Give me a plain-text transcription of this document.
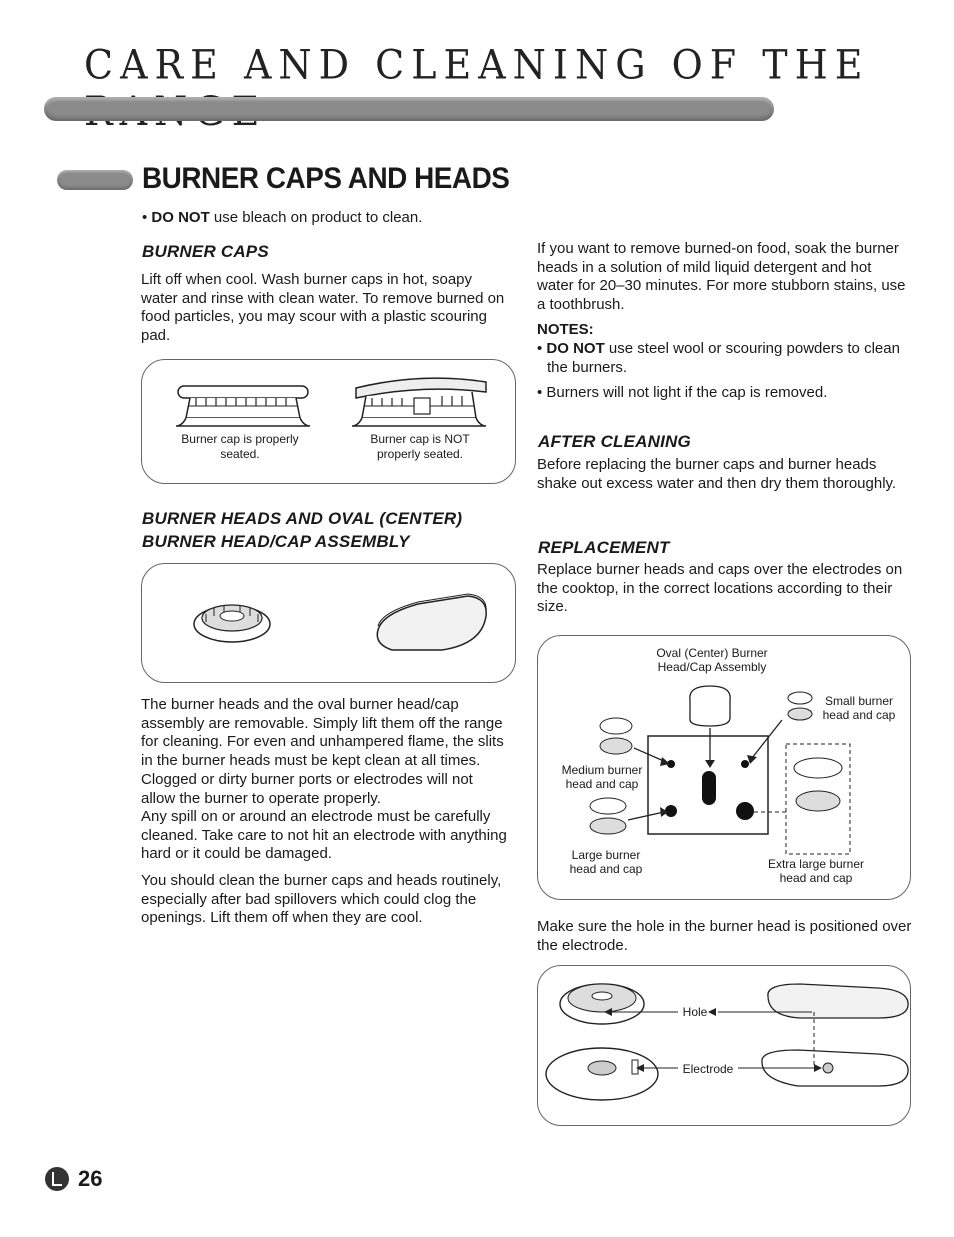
CARE AND CLEANING OF THE
BURNER CAPS AND HEADS

• DO NOT use bleach on product to clean.

BURNER CAPS

Lift off when cool. Wash burner caps in hot, soapy water and rinse with clean water. To remove burned on food particles, you may scour with a plastic scouring pad.

Burner cap is properly seated.
Burner cap is NOT properly seated.
BURNER HEADS AND OVAL (CENTER)
BURNER HEAD/CAP ASSEMBLY

The burner heads and the oval burner head/cap assembly are removable. Simply lift them off the range for cleaning. For even and unhampered flame, the slits in the burner heads must be kept clean at all times. Clogged or dirty burner ports or electrodes will not allow the burner to operate properly.

Any spill on or around an electrode must be carefully cleaned. Take care to not hit an electrode with anything hard or it could be damaged.

You should clean the burner caps and heads routinely, especially after bad spillovers which could clog the openings. Lift them off when they are cool.

If you want to remove burned-on food, soak the burner heads in a solution of mild liquid detergent and hot water for 20–30 minutes. For more stubborn stains, use a toothbrush.

NOTES:

• DO NOT use steel wool or scouring powders to clean the burners.

• Burners will not light if the cap is removed.

AFTER CLEANING

Before replacing the burner caps and burner heads shake out excess water and then dry them thoroughly.

REPLACEMENT

Replace burner heads and caps over the electrodes on the cooktop, in the correct locations according to their size.

Oval (Center) Burner Head/Cap Assembly
Small burner head and cap
Medium burner head and cap
Large burner head and cap	Extra large burner head and cap

Make sure the hole in the burner head is positioned over the electrode.

Hole
Electrode
26
